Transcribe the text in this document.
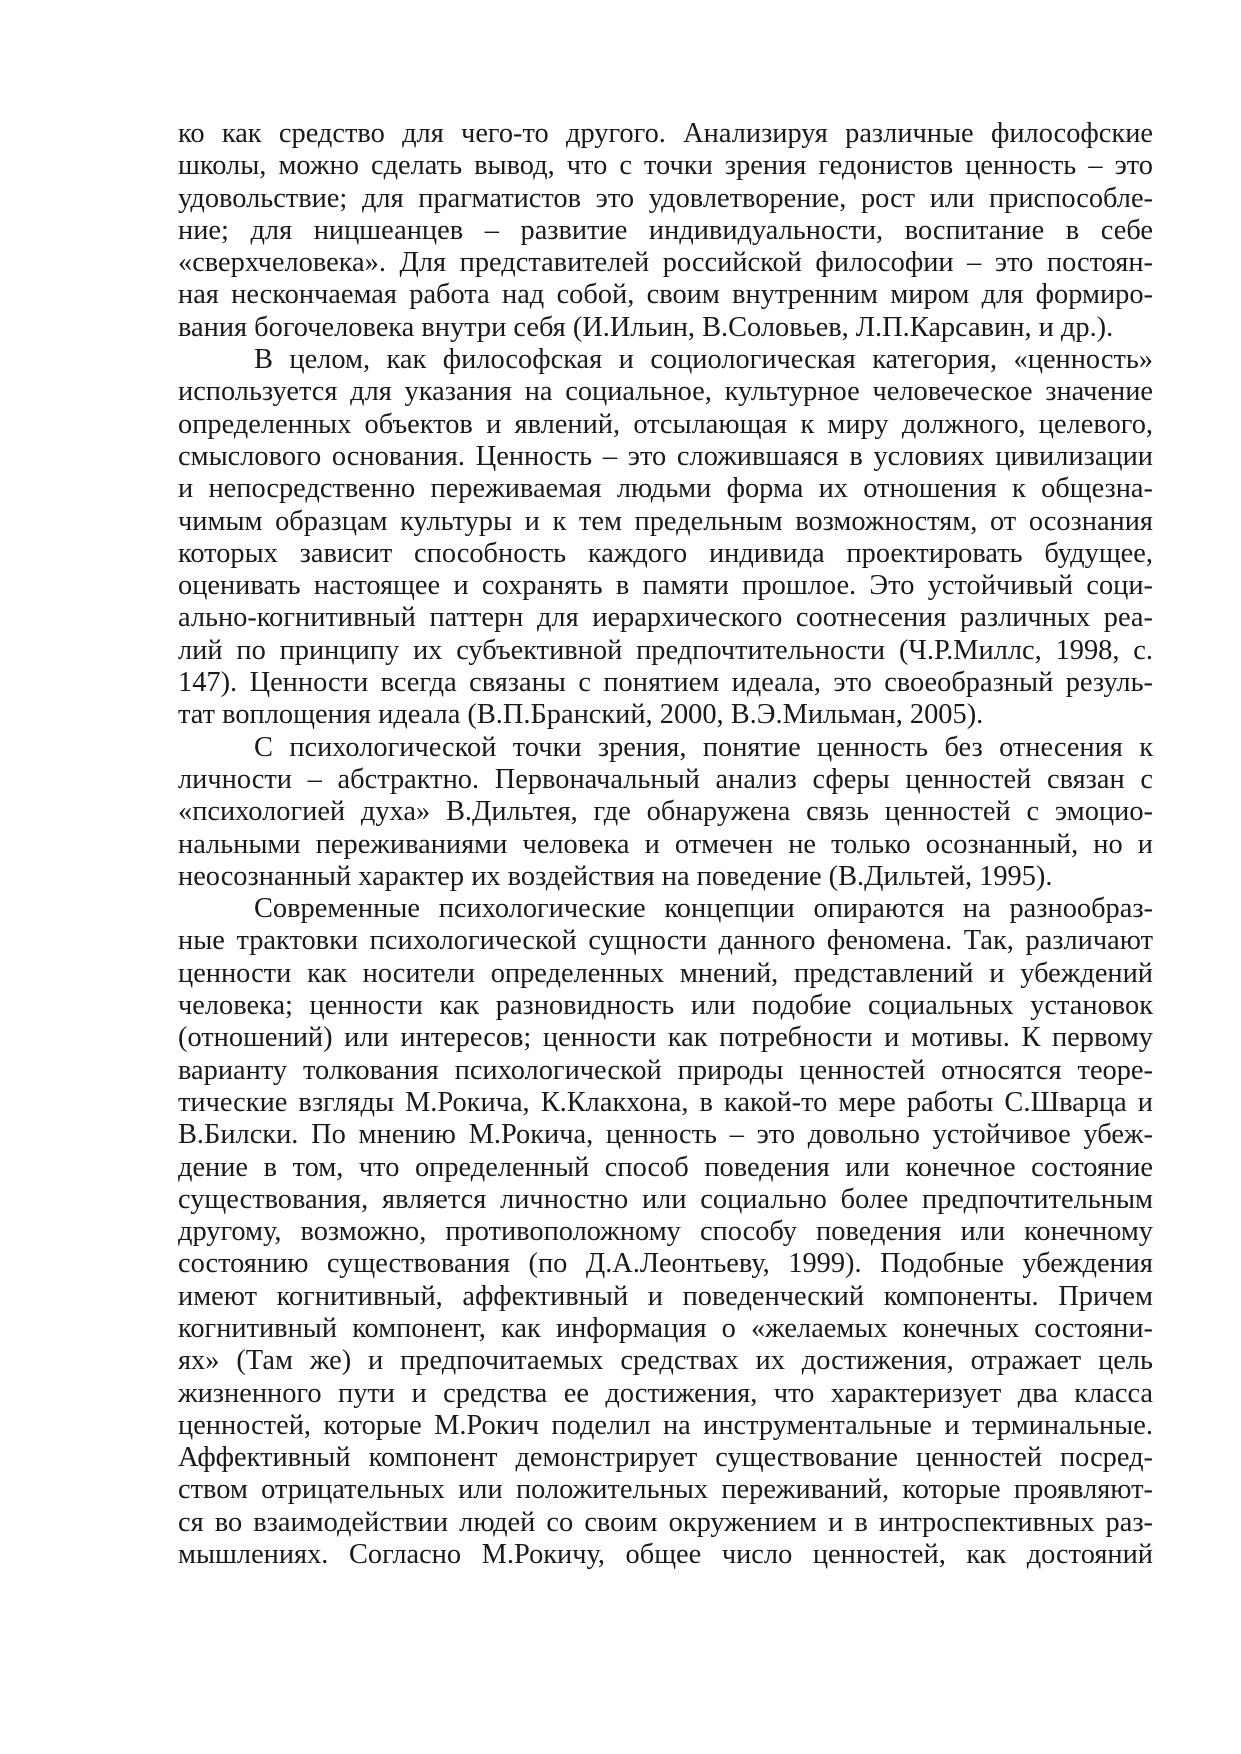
ко как средство для чего-то другого. Анализируя различные философские
школы, можно сделать вывод, что с точки зрения гедонистов ценность – это
удовольствие; для прагматистов это удовлетворение, рост или приспособле-
ние; для ницшеанцев – развитие индивидуальности, воспитание в себе
«сверхчеловека». Для представителей российской философии – это постоян-
ная нескончаемая работа над собой, своим внутренним миром для формиро-
вания богочеловека внутри себя (И.Ильин, В.Соловьев, Л.П.Карсавин, и др.).
В целом, как философская и социологическая категория, «ценность»
используется для указания на социальное, культурное человеческое значение
определенных объектов и явлений, отсылающая к миру должного, целевого,
смыслового основания. Ценность – это сложившаяся в условиях цивилизации
и непосредственно переживаемая людьми форма их отношения к общезна-
чимым образцам культуры и к тем предельным возможностям, от осознания
которых зависит способность каждого индивида проектировать будущее,
оценивать настоящее и сохранять в памяти прошлое. Это устойчивый соци-
ально-когнитивный паттерн для иерархического соотнесения различных реа-
лий по принципу их субъективной предпочтительности (Ч.Р.Миллс, 1998, с.
147). Ценности всегда связаны с понятием идеала, это своеобразный резуль-
тат воплощения идеала (В.П.Бранский, 2000, В.Э.Мильман, 2005).
С психологической точки зрения, понятие ценность без отнесения к
личности – абстрактно. Первоначальный анализ сферы ценностей связан с
«психологией духа» В.Дильтея, где обнаружена связь ценностей с эмоцио-
нальными переживаниями человека и отмечен не только осознанный, но и
неосознанный характер их воздействия на поведение (В.Дильтей, 1995).
Современные психологические концепции опираются на разнообраз-
ные трактовки психологической сущности данного феномена. Так, различают
ценности как носители определенных мнений, представлений и убеждений
человека; ценности как разновидность или подобие социальных установок
(отношений) или интересов; ценности как потребности и мотивы. К первому
варианту толкования психологической природы ценностей относятся теоре-
тические взгляды М.Рокича, К.Клакхона, в какой-то мере работы С.Шварца и
В.Билски. По мнению М.Рокича, ценность – это довольно устойчивое убеж-
дение в том, что определенный способ поведения или конечное состояние
существования, является личностно или социально более предпочтительным
другому, возможно, противоположному способу поведения или конечному
состоянию существования (по Д.А.Леонтьеву, 1999). Подобные убеждения
имеют когнитивный, аффективный и поведенческий компоненты. Причем
когнитивный компонент, как информация о «желаемых конечных состояни-
ях» (Там же) и предпочитаемых средствах их достижения, отражает цель
жизненного пути и средства ее достижения, что характеризует два класса
ценностей, которые М.Рокич поделил на инструментальные и терминальные.
Аффективный компонент демонстрирует существование ценностей посред-
ством отрицательных или положительных переживаний, которые проявляют-
ся во взаимодействии людей со своим окружением и в интроспективных раз-
мышлениях. Согласно М.Рокичу, общее число ценностей, как достояний
